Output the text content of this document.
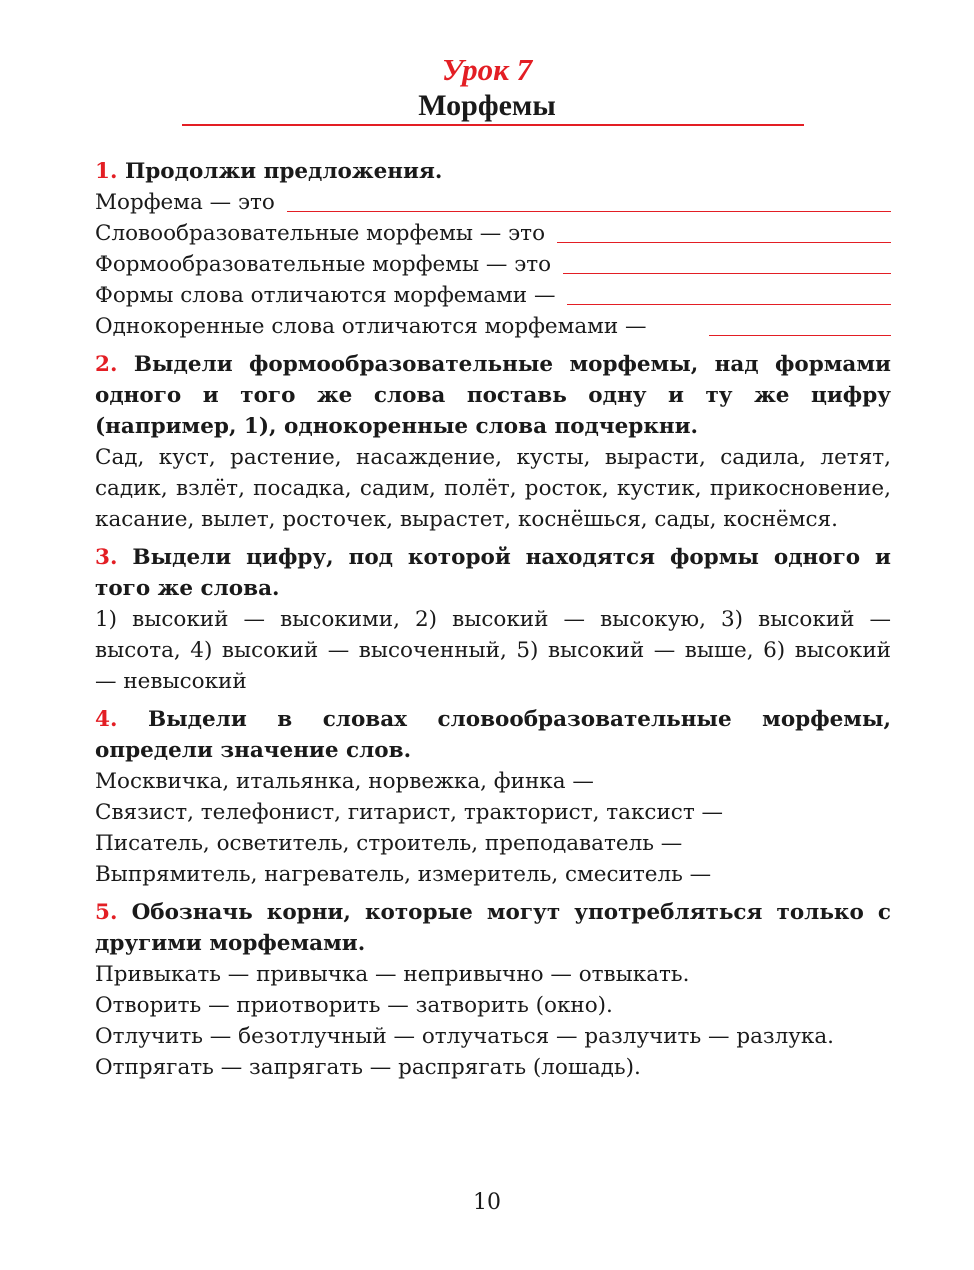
Урок 7
Морфемы
1. Продолжи предложения.
Морфема — это
Словообразовательные морфемы — это
Формообразовательные морфемы — это
Формы слова отличаются морфемами —
Однокоренные слова отличаются морфемами —
2. Выдели формообразовательные морфемы, над формами одного и того же слова поставь одну и ту же цифру (например, 1), однокоренные слова подчеркни.
Сад, куст, растение, насаждение, кусты, вырасти, садила, летят, садик, взлёт, посадка, садим, полёт, росток, кустик, прикосновение, касание, вылет, росточек, вырастет, коснёшься, сады, коснёмся.
3. Выдели цифру, под которой находятся формы одного и того же слова.
1) высокий — высокими, 2) высокий — высокую, 3) высокий — высота, 4) высокий — высоченный, 5) высокий — выше, 6) высокий — невысокий
4. Выдели в словах словообразовательные морфемы, определи значение слов.
Москвичка, итальянка, норвежка, финка —
Связист, телефонист, гитарист, тракторист, таксист —
Писатель, осветитель, строитель, преподаватель —
Выпрямитель, нагреватель, измеритель, смеситель —
5. Обозначь корни, которые могут употребляться только с другими морфемами.
Привыкать — привычка — непривычно — отвыкать.
Отворить — приотворить — затворить (окно).
Отлучить — безотлучный — отлучаться — разлучить — разлука.
Отпрягать — запрягать — распрягать (лошадь).
10
